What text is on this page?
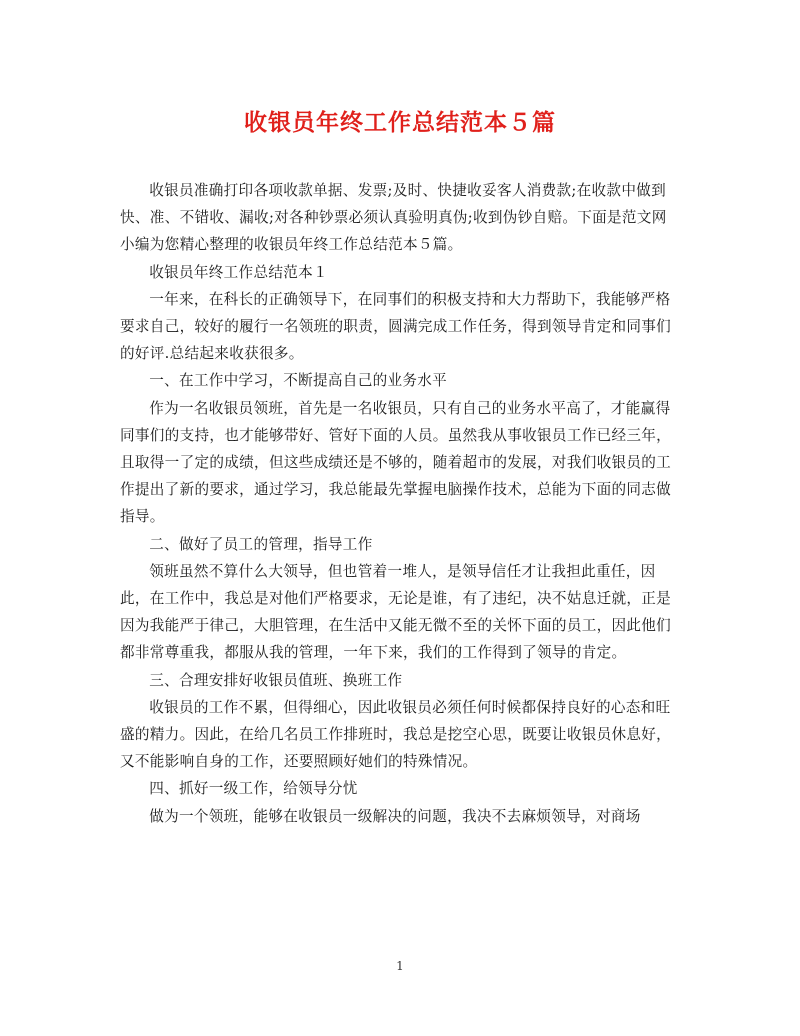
收银员年终工作总结范本５篇

收银员准确打印各项收款单据、发票;及时、快捷收妥客人消费款;在收款中做到快、准、不错收、漏收;对各种钞票必须认真验明真伪;收到伪钞自赔。下面是范文网小编为您精心整理的收银员年终工作总结范本５篇。

收银员年终工作总结范本１

一年来，在科长的正确领导下，在同事们的积极支持和大力帮助下，我能够严格要求自己，较好的履行一名领班的职责，圆满完成工作任务，得到领导肯定和同事们的好评.总结起来收获很多。

一、在工作中学习，不断提高自己的业务水平

作为一名收银员领班，首先是一名收银员，只有自己的业务水平高了，才能赢得同事们的支持，也才能够带好、管好下面的人员。虽然我从事收银员工作已经三年，且取得一了定的成绩，但这些成绩还是不够的，随着超市的发展，对我们收银员的工作提出了新的要求，通过学习，我总能最先掌握电脑操作技术，总能为下面的同志做指导。

二、做好了员工的管理，指导工作

领班虽然不算什么大领导，但也管着一堆人，是领导信任才让我担此重任，因此，在工作中，我总是对他们严格要求，无论是谁，有了违纪，决不姑息迁就，正是因为我能严于律己，大胆管理，在生活中又能无微不至的关怀下面的员工，因此他们都非常尊重我，都服从我的管理，一年下来，我们的工作得到了领导的肯定。

三、合理安排好收银员值班、换班工作

收银员的工作不累，但得细心，因此收银员必须任何时候都保持良好的心态和旺盛的精力。因此，在给几名员工作排班时，我总是挖空心思，既要让收银员休息好，又不能影响自身的工作，还要照顾好她们的特殊情况。

四、抓好一级工作，给领导分忧

做为一个领班，能够在收银员一级解决的问题，我决不去麻烦领导，对商场

1
